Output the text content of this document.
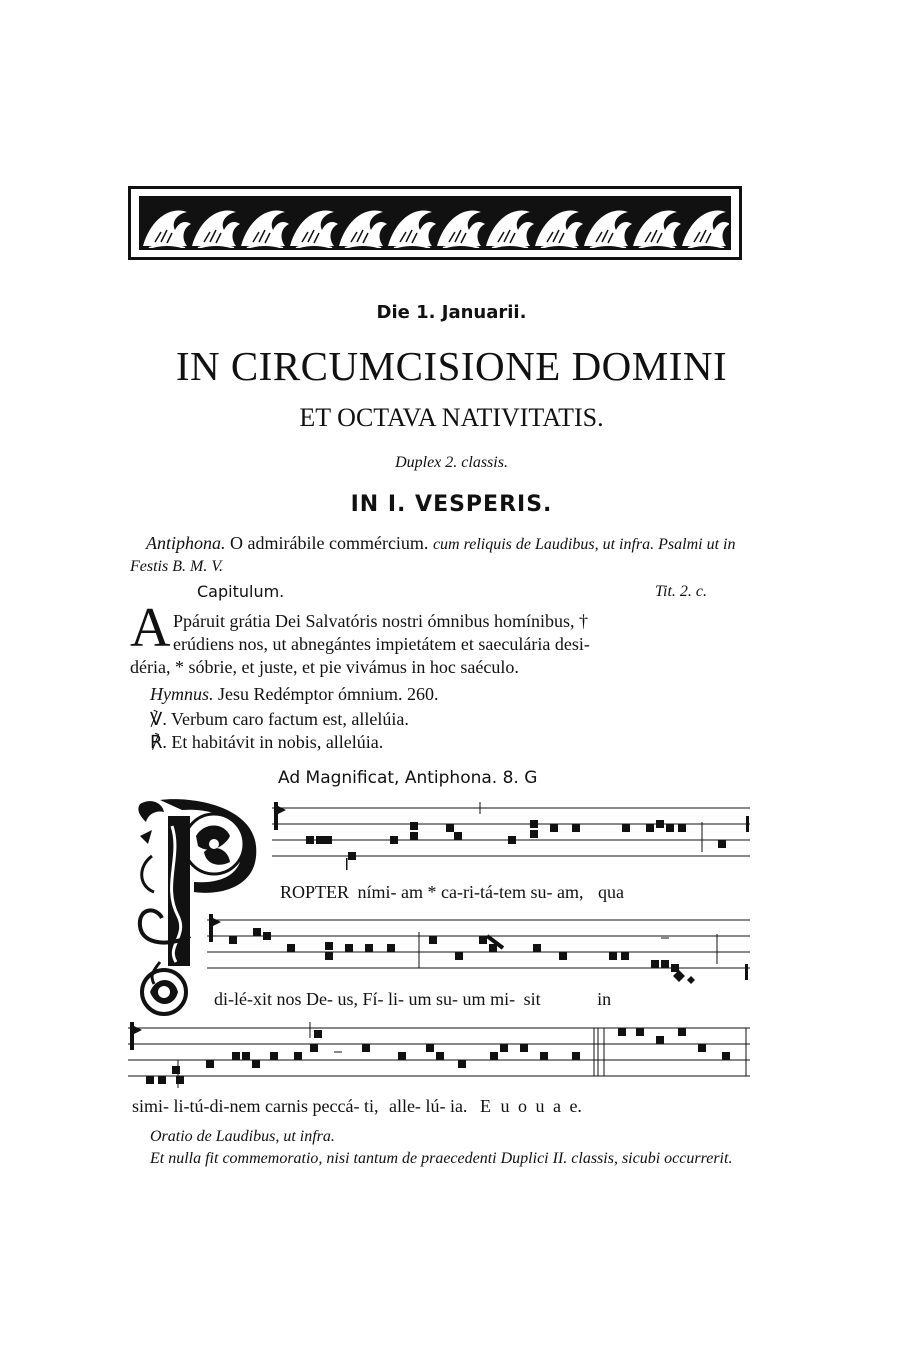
Die 1. Januarii.
IN CIRCUMCISIONE DOMINI
ET OCTAVA NATIVITATIS.
Duplex 2. classis.
IN I. VESPERIS.
Antiphona. O admirábile commércium. cum reliquis de Laudibus, ut infra. Psalmi ut in Festis B. M. V.
Capitulum.	Tit. 2. c.
A Ppáruit grátia Dei Salvatóris nostri ómnibus homínibus, †
erúdiens nos, ut abnegántes impietátem et saeculária desi-
déria, * sóbrie, et juste, et pie vivámus in hoc saéculo.
Hymnus. Jesu Redémptor ómnium. 260.
℣. Verbum caro factum est, allelúia.
℟. Et habitávit in nobis, allelúia.
Ad Magnificat, Antiphona. 8. G
ROPTER ními- am * ca-ri-tá-tem su- am, qua
di-lé-xit nos De- us, Fí- li- um su- um mi- sit	in
simi- li-tú-di-nem carnis peccá- ti, alle- lú- ia. E u o u a e.
Oratio de Laudibus, ut infra.
Et nulla fit commemoratio, nisi tantum de praecedenti Duplici II. classis, sicubi occurrerit.
